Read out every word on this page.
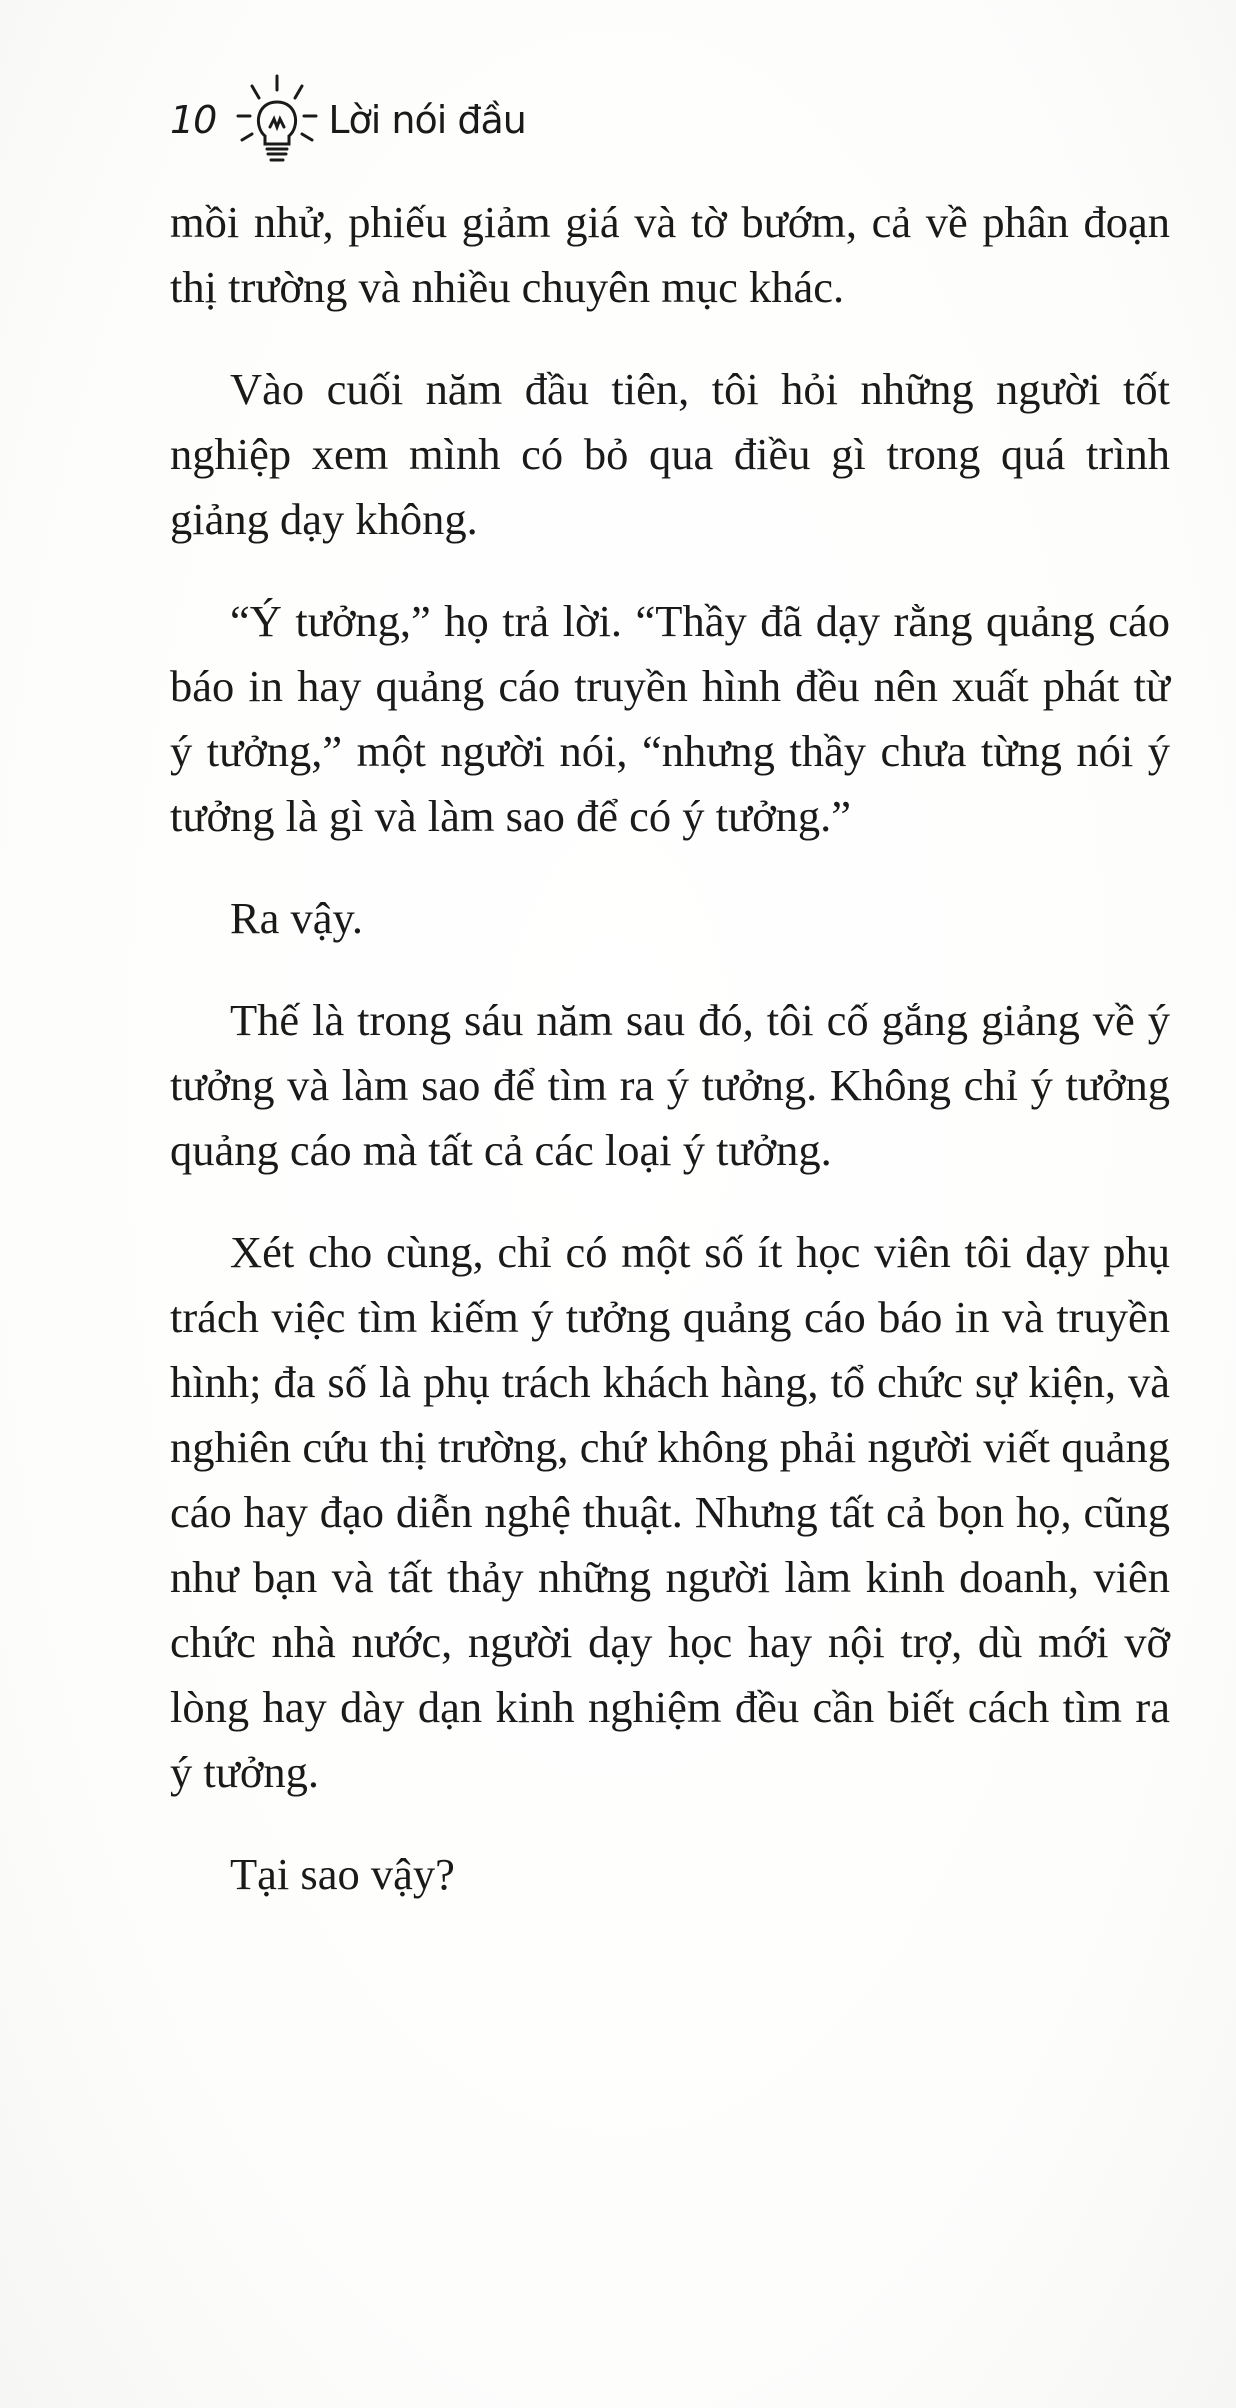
10	Lời nói đầu

mồi nhử, phiếu giảm giá và tờ bướm, cả về phân đoạn thị trường và nhiều chuyên mục khác.

Vào cuối năm đầu tiên, tôi hỏi những người tốt nghiệp xem mình có bỏ qua điều gì trong quá trình giảng dạy không.

“Ý tưởng,” họ trả lời. “Thầy đã dạy rằng quảng cáo báo in hay quảng cáo truyền hình đều nên xuất phát từ ý tưởng,” một người nói, “nhưng thầy chưa từng nói ý tưởng là gì và làm sao để có ý tưởng.”

Ra vậy.

Thế là trong sáu năm sau đó, tôi cố gắng giảng về ý tưởng và làm sao để tìm ra ý tưởng. Không chỉ ý tưởng quảng cáo mà tất cả các loại ý tưởng.

Xét cho cùng, chỉ có một số ít học viên tôi dạy phụ trách việc tìm kiếm ý tưởng quảng cáo báo in và truyền hình; đa số là phụ trách khách hàng, tổ chức sự kiện, và nghiên cứu thị trường, chứ không phải người viết quảng cáo hay đạo diễn nghệ thuật. Nhưng tất cả bọn họ, cũng như bạn và tất thảy những người làm kinh doanh, viên chức nhà nước, người dạy học hay nội trợ, dù mới vỡ lòng hay dày dạn kinh nghiệm đều cần biết cách tìm ra ý tưởng.

Tại sao vậy?
